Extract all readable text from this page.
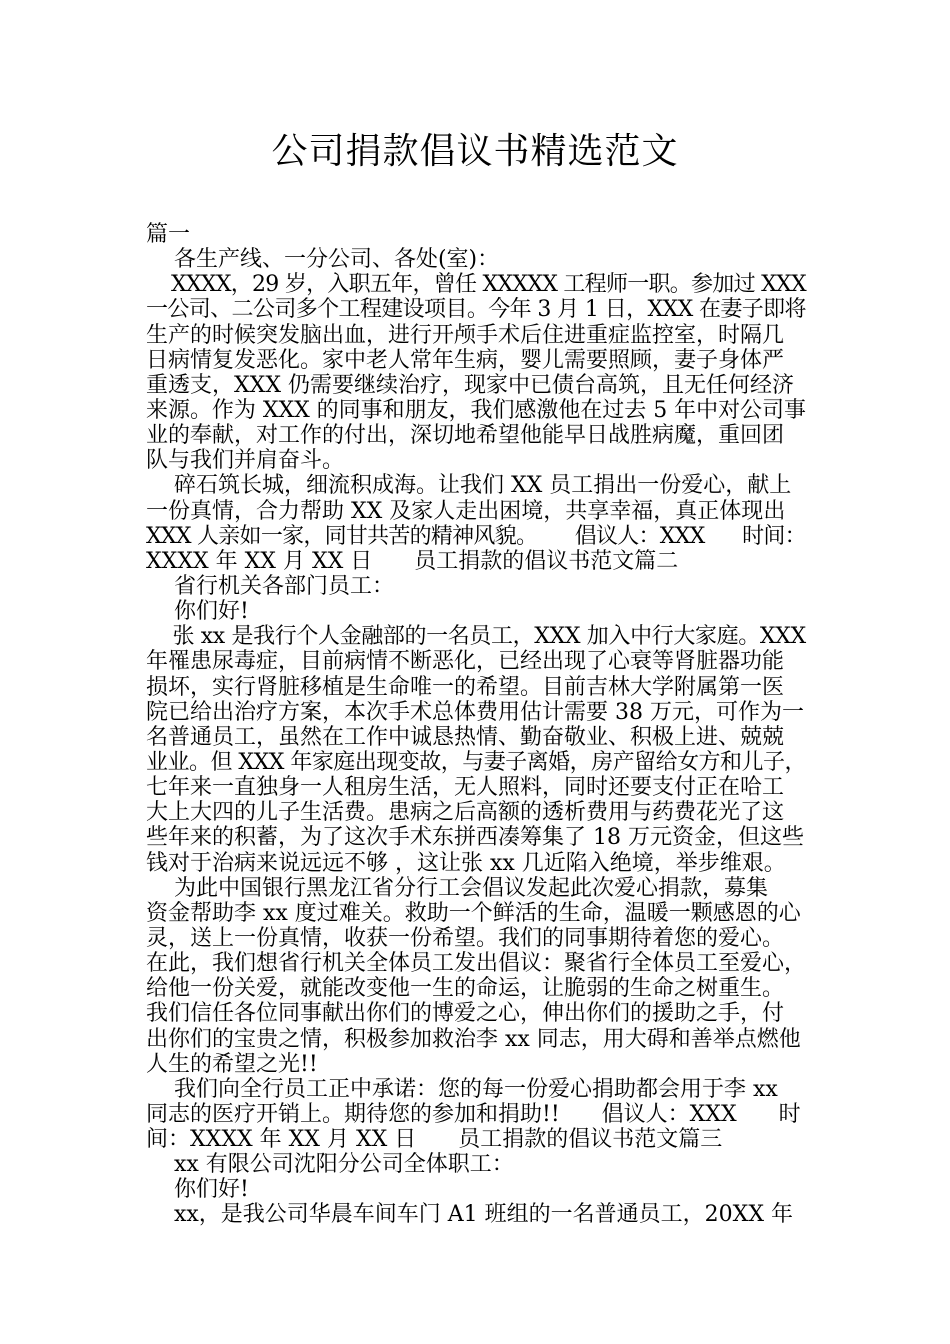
公司捐款倡议书精选范文
篇一
各生产线、一分公司、各处(室)：
XXXX，29 岁，入职五年，曾任 XXXXX 工程师一职。参加过 XXX
一公司、二公司多个工程建设项目。今年 3 月 1 日，XXX 在妻子即将
生产的时候突发脑出血，进行开颅手术后住进重症监控室，时隔几
日病情复发恶化。家中老人常年生病，婴儿需要照顾，妻子身体严
重透支，XXX 仍需要继续治疗，现家中已债台高筑，且无任何经济
来源。作为 XXX 的同事和朋友，我们感激他在过去 5 年中对公司事
业的奉献，对工作的付出，深切地希望他能早日战胜病魔，重回团
队与我们并肩奋斗。
碎石筑长城，细流积成海。让我们 XX 员工捐出一份爱心，献上
一份真情，合力帮助 XX 及家人走出困境，共享幸福，真正体现出
XXX 人亲如一家，同甘共苦的精神风貌。      倡议人：XXX      时间：
XXXX 年 XX 月 XX 日      员工捐款的倡议书范文篇二
省行机关各部门员工：
你们好!
张 xx 是我行个人金融部的一名员工，XXX 加入中行大家庭。XXX
年罹患尿毒症，目前病情不断恶化，已经出现了心衰等肾脏器功能
损坏，实行肾脏移植是生命唯一的希望。目前吉林大学附属第一医
院已给出治疗方案，本次手术总体费用估计需要 38 万元，可作为一
名普通员工，虽然在工作中诚恳热情、勤奋敬业、积极上进、兢兢
业业。但 XXX 年家庭出现变故，与妻子离婚，房产留给女方和儿子，
七年来一直独身一人租房生活，无人照料，同时还要支付正在哈工
大上大四的儿子生活费。患病之后高额的透析费用与药费花光了这
些年来的积蓄，为了这次手术东拼西凑筹集了 18 万元资金，但这些
钱对于治病来说远远不够 ，这让张 xx 几近陷入绝境，举步维艰。
为此中国银行黑龙江省分行工会倡议发起此次爱心捐款，募集
资金帮助李 xx 度过难关。救助一个鲜活的生命，温暖一颗感恩的心
灵，送上一份真情，收获一份希望。我们的同事期待着您的爱心。
在此，我们想省行机关全体员工发出倡议：聚省行全体员工至爱心，
给他一份关爱，就能改变他一生的命运，让脆弱的生命之树重生。
我们信任各位同事献出你们的博爱之心，伸出你们的援助之手，付
出你们的宝贵之情，积极参加救治李 xx 同志，用大碍和善举点燃他
人生的希望之光!!
我们向全行员工正中承诺：您的每一份爱心捐助都会用于李 xx
同志的医疗开销上。期待您的参加和捐助!!      倡议人：XXX      时
间：XXXX 年 XX 月 XX 日      员工捐款的倡议书范文篇三
xx 有限公司沈阳分公司全体职工：
你们好!
xx，是我公司华晨车间车门 A1 班组的一名普通员工，20XX 年
